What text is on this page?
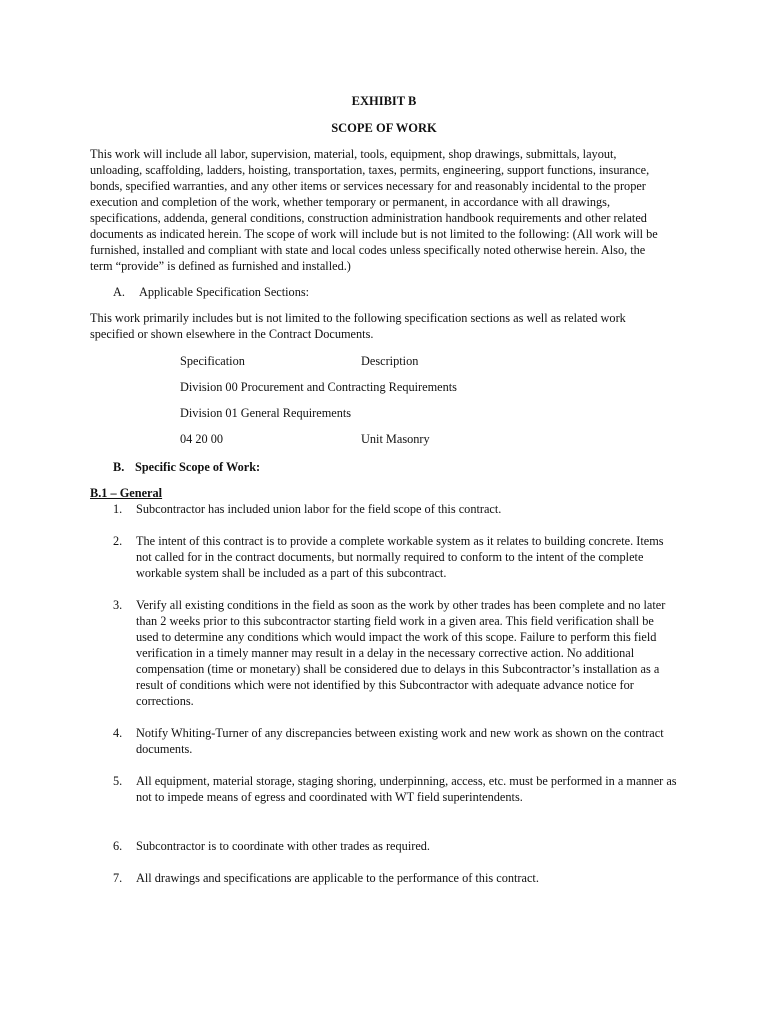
EXHIBIT B
SCOPE OF WORK
This work will include all labor, supervision, material, tools, equipment, shop drawings, submittals, layout, unloading, scaffolding, ladders, hoisting, transportation, taxes, permits, engineering, support functions, insurance, bonds, specified warranties, and any other items or services necessary for and reasonably incidental to the proper execution and completion of the work, whether temporary or permanent, in accordance with all drawings, specifications, addenda, general conditions, construction administration handbook requirements and other related documents as indicated herein. The scope of work will include but is not limited to the following: (All work will be furnished, installed and compliant with state and local codes unless specifically noted otherwise herein. Also, the term “provide” is defined as furnished and installed.)
A. Applicable Specification Sections:
This work primarily includes but is not limited to the following specification sections as well as related work specified or shown elsewhere in the Contract Documents.
Specification	Description
Division 00 Procurement and Contracting Requirements
Division 01 General Requirements
04 20 00	Unit Masonry
B. Specific Scope of Work:
B.1 – General
1. Subcontractor has included union labor for the field scope of this contract.
2. The intent of this contract is to provide a complete workable system as it relates to building concrete. Items not called for in the contract documents, but normally required to conform to the intent of the complete workable system shall be included as a part of this subcontract.
3. Verify all existing conditions in the field as soon as the work by other trades has been complete and no later than 2 weeks prior to this subcontractor starting field work in a given area. This field verification shall be used to determine any conditions which would impact the work of this scope. Failure to perform this field verification in a timely manner may result in a delay in the necessary corrective action. No additional compensation (time or monetary) shall be considered due to delays in this Subcontractor’s installation as a result of conditions which were not identified by this Subcontractor with adequate advance notice for corrections.
4. Notify Whiting-Turner of any discrepancies between existing work and new work as shown on the contract documents.
5. All equipment, material storage, staging shoring, underpinning, access, etc. must be performed in a manner as not to impede means of egress and coordinated with WT field superintendents.
6. Subcontractor is to coordinate with other trades as required.
7. All drawings and specifications are applicable to the performance of this contract.
